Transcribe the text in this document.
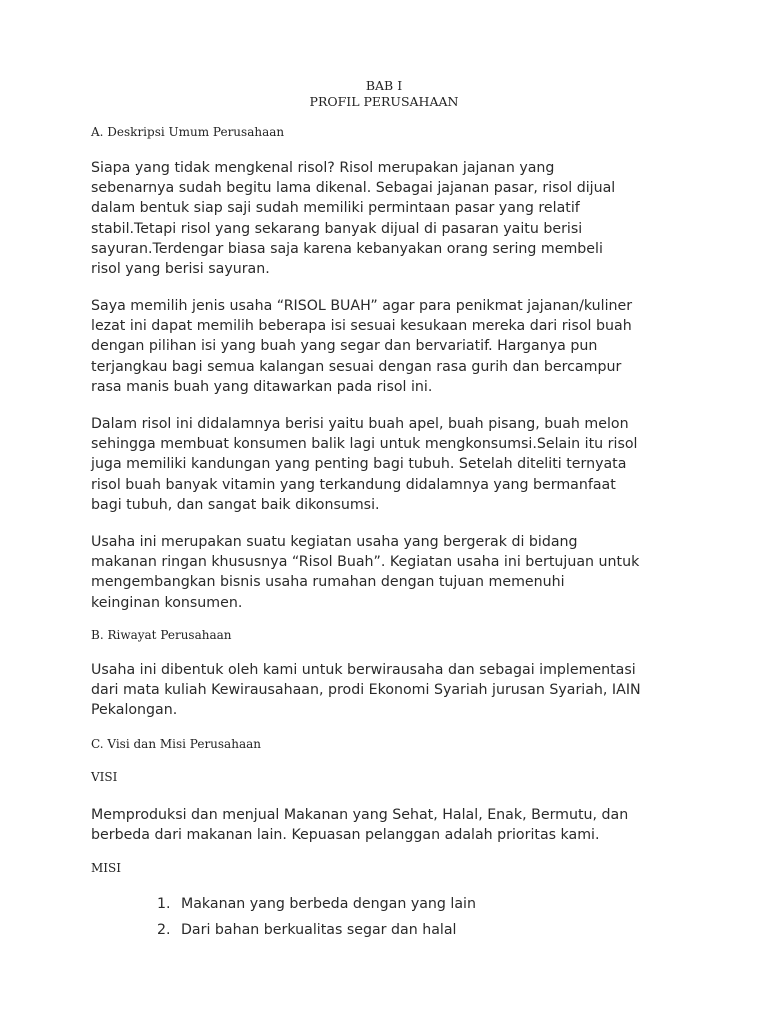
BAB I
PROFIL PERUSAHAAN
A. Deskripsi Umum Perusahaan
Siapa yang tidak mengkenal risol? Risol merupakan jajanan yang
sebenarnya sudah begitu lama dikenal. Sebagai jajanan pasar, risol dijual
dalam bentuk siap saji sudah memiliki permintaan pasar yang relatif
stabil.Tetapi risol yang sekarang banyak dijual di pasaran yaitu berisi
sayuran.Terdengar biasa saja karena kebanyakan orang sering membeli
risol yang berisi sayuran.
Saya memilih jenis usaha “RISOL BUAH” agar para penikmat jajanan/kuliner
lezat ini dapat memilih beberapa isi sesuai kesukaan mereka dari risol buah
dengan pilihan isi yang buah yang segar dan bervariatif. Harganya pun
terjangkau bagi semua kalangan sesuai dengan rasa gurih dan bercampur
rasa manis buah yang ditawarkan pada risol ini.
Dalam risol ini didalamnya berisi yaitu buah apel, buah pisang, buah melon
sehingga membuat konsumen balik lagi untuk mengkonsumsi.Selain itu risol
juga memiliki kandungan yang penting bagi tubuh. Setelah diteliti ternyata
risol buah banyak vitamin yang terkandung didalamnya yang bermanfaat
bagi tubuh, dan sangat baik dikonsumsi.
Usaha ini merupakan suatu kegiatan usaha yang bergerak di bidang
makanan ringan khususnya “Risol Buah”. Kegiatan usaha ini bertujuan untuk
mengembangkan bisnis usaha rumahan dengan tujuan memenuhi
keinginan konsumen.
B. Riwayat Perusahaan
Usaha ini dibentuk oleh kami untuk berwirausaha dan sebagai implementasi
dari mata kuliah Kewirausahaan, prodi Ekonomi Syariah jurusan Syariah, IAIN
Pekalongan.
C. Visi dan Misi Perusahaan
VISI
Memproduksi dan menjual Makanan yang Sehat, Halal, Enak, Bermutu, dan
berbeda dari makanan lain. Kepuasan pelanggan adalah prioritas kami.
MISI
1. Makanan yang berbeda dengan yang lain
2. Dari bahan berkualitas segar dan halal
